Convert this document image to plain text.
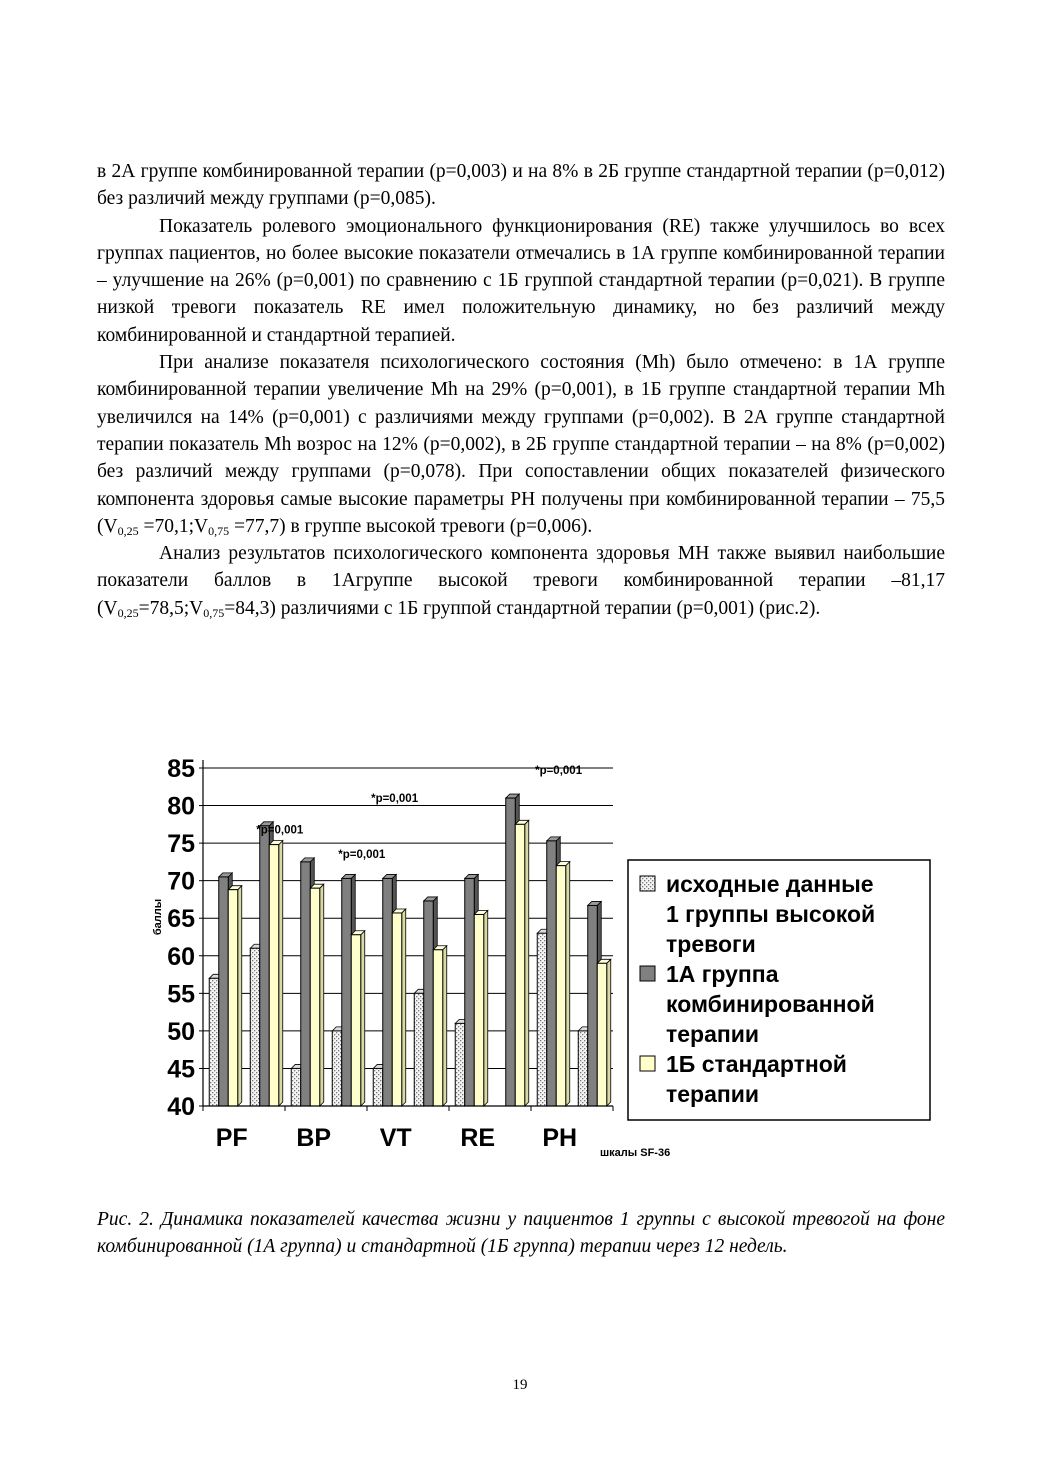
в 2А группе комбинированной терапии (р=0,003) и на 8% в 2Б группе стандартной терапии (р=0,012) без различий между группами (р=0,085).

Показатель ролевого эмоционального функционирования (RE) также улучшилось во всех группах пациентов, но более высокие показатели отмечались в 1А группе комбинированной терапии – улучшение на 26% (р=0,001) по сравнению с 1Б группой стандартной терапии (р=0,021). В группе низкой тревоги показатель RE имел положительную динамику, но без различий между комбинированной и стандартной терапией.

При анализе показателя психологического состояния (Mh) было отмечено: в 1А группе комбинированной терапии увеличение Mh на 29% (р=0,001), в 1Б группе стандартной терапии Mh увеличился на 14% (р=0,001) с различиями между группами (р=0,002). В 2А группе стандартной терапии показатель Mh возрос на 12% (р=0,002), в 2Б группе стандартной терапии – на 8% (р=0,002) без различий между группами (р=0,078). При сопоставлении общих показателей физического компонента здоровья самые высокие параметры PH получены при комбинированной терапии – 75,5 ($V_{0,25}$ $=70,1;V_{0,75} =77,7$) в группе высокой тревоги (р=0,006).

Анализ результатов психологического компонента здоровья MH также выявил наибольшие показатели баллов в 1Агруппе высокой тревоги комбинированной терапии –81,17 $(V_{0,25}=78,5;V_{0,75}=84,3)$ различиями с 1Б группой стандартной терапии (р=0,001) (рис.2).

85
80
75
70
65
60
55
50
45
40
PF BP VT RE PH
шкалы SF-36
баллы
*p=0,001
*p=0,001
*p=0,001
*p=0,001
исходные данные
1 группы высокой
тревоги
1А группа
комбинированной
терапии
1Б стандартной
терапии
Рис. 2. Динамика показателей качества жизни у пациентов 1 группы с высокой тревогой на фоне комбинированной (1А группа) и стандартной (1Б группа) терапии через 12 недель.
19
